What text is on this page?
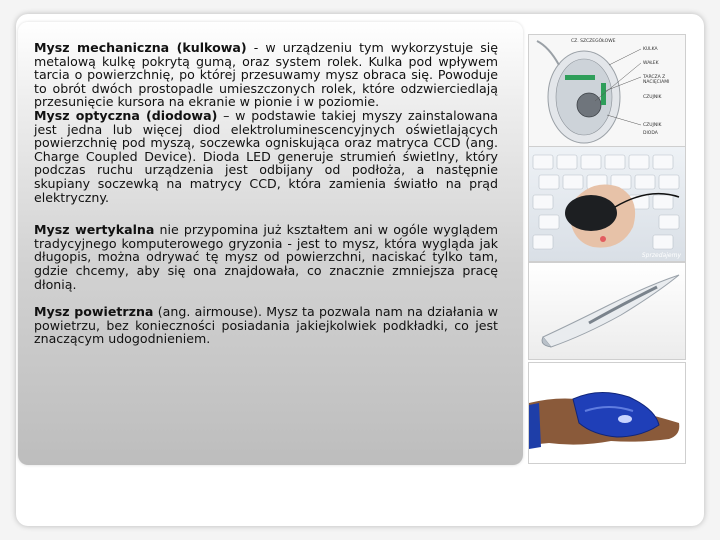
Mysz mechaniczna (kulkowa) - w urządzeniu tym wykorzystuje się metalową kulkę pokrytą gumą, oraz system rolek. Kulka pod wpływem tarcia o powierzchnię, po której przesuwamy mysz obraca się. Powoduje to obrót dwóch prostopadle umieszczonych rolek, które odzwierciedlają przesunięcie kursora na ekranie w pionie i w poziomie.

Mysz optyczna (diodowa) – w podstawie takiej myszy zainstalowana jest jedna lub więcej diod elektroluminescencyjnych oświetlających powierzchnię pod myszą, soczewka ogniskująca oraz matryca CCD (ang. Charge Coupled Device). Dioda LED generuje strumień świetlny, który podczas ruchu urządzenia jest odbijany od podłoża, a następnie skupiany soczewką na matrycy CCD, która zamienia światło na prąd elektryczny.

Mysz wertykalna nie przypomina już kształtem ani w ogóle wyglądem tradycyjnego komputerowego gryzonia - jest to mysz, która wygląda jak długopis, można odrywać tę mysz od powierzchni, naciskać tylko tam, gdzie chcemy, aby się ona znajdowała, co znacznie zmniejsza pracę dłonią.

Mysz powietrzna (ang. airmouse). Mysz ta pozwala nam na działania w powietrzu, bez konieczności posiadania jakiejkolwiek podkładki, co jest znaczącym udogodnieniem.

CZ. SZCZEGÓŁOWE
KULKA
WAŁEK
TARCZA Z NACIĘCIAMI
CZUJNIK
CZUJNIK
DIODA
Sprzedajemy
